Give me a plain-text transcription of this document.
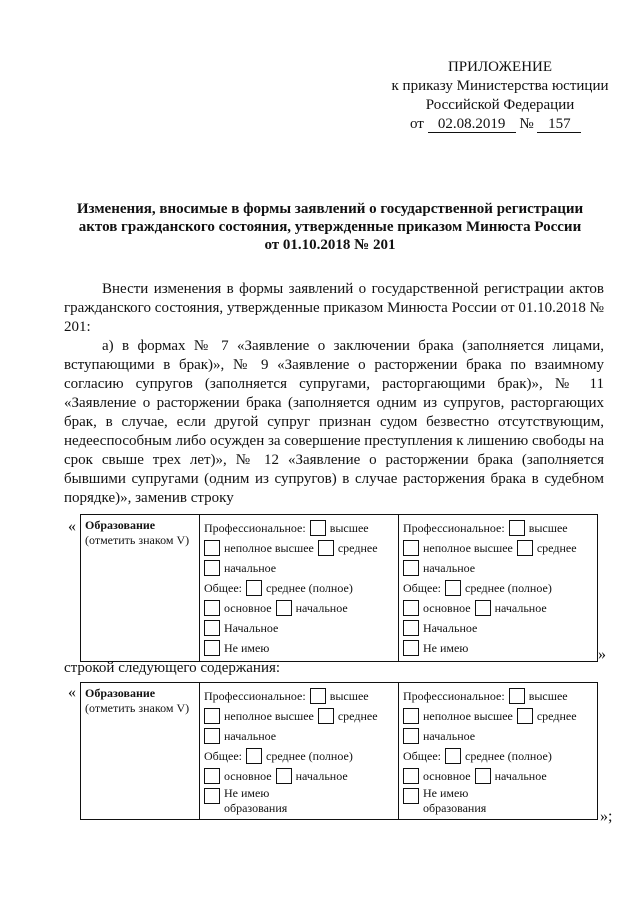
ПРИЛОЖЕНИЕ
к приказу Министерства юстиции
Российской Федерации
от 02.08.2019 № 157
Изменения, вносимые в формы заявлений о государственной регистрации
актов гражданского состояния, утвержденные приказом Минюста России
от 01.10.2018 № 201

Внести изменения в формы заявлений о государственной регистрации актов гражданского состояния, утвержденные приказом Минюста России от 01.10.2018 № 201:

а) в формах № 7 «Заявление о заключении брака (заполняется лицами, вступающими в брак)», № 9 «Заявление о расторжении брака по взаимному согласию супругов (заполняется супругами, расторгающими брак)», № 11 «Заявление о расторжении брака (заполняется одним из супругов, расторгающих брак, в случае, если другой супруг признан судом безвестно отсутствующим, недееспособным либо осужден за совершение преступления к лишению свободы на срок свыше трех лет)», № 12 «Заявление о расторжении брака (заполняется бывшими супругами (одним из супругов) в случае расторжения брака в судебном порядке)», заменив строку

« Образование
(отметить знаком V)

Профессиональное: высшее
неполное высшее среднее
начальное
Общее: среднее (полное)
основное начальное
Начальное
Не имею

Профессиональное: высшее
неполное высшее среднее
начальное
Общее: среднее (полное)
основное начальное
Начальное
Не имею	»
строкой следующего содержания:
« Образование
(отметить знаком V)

Профессиональное: высшее
неполное высшее среднее
начальное
Общее: среднее (полное)
основное начальное
Не имею
образования

Профессиональное: высшее
неполное высшее среднее
начальное
Общее: среднее (полное)
основное начальное
Не имею
образования	»;
